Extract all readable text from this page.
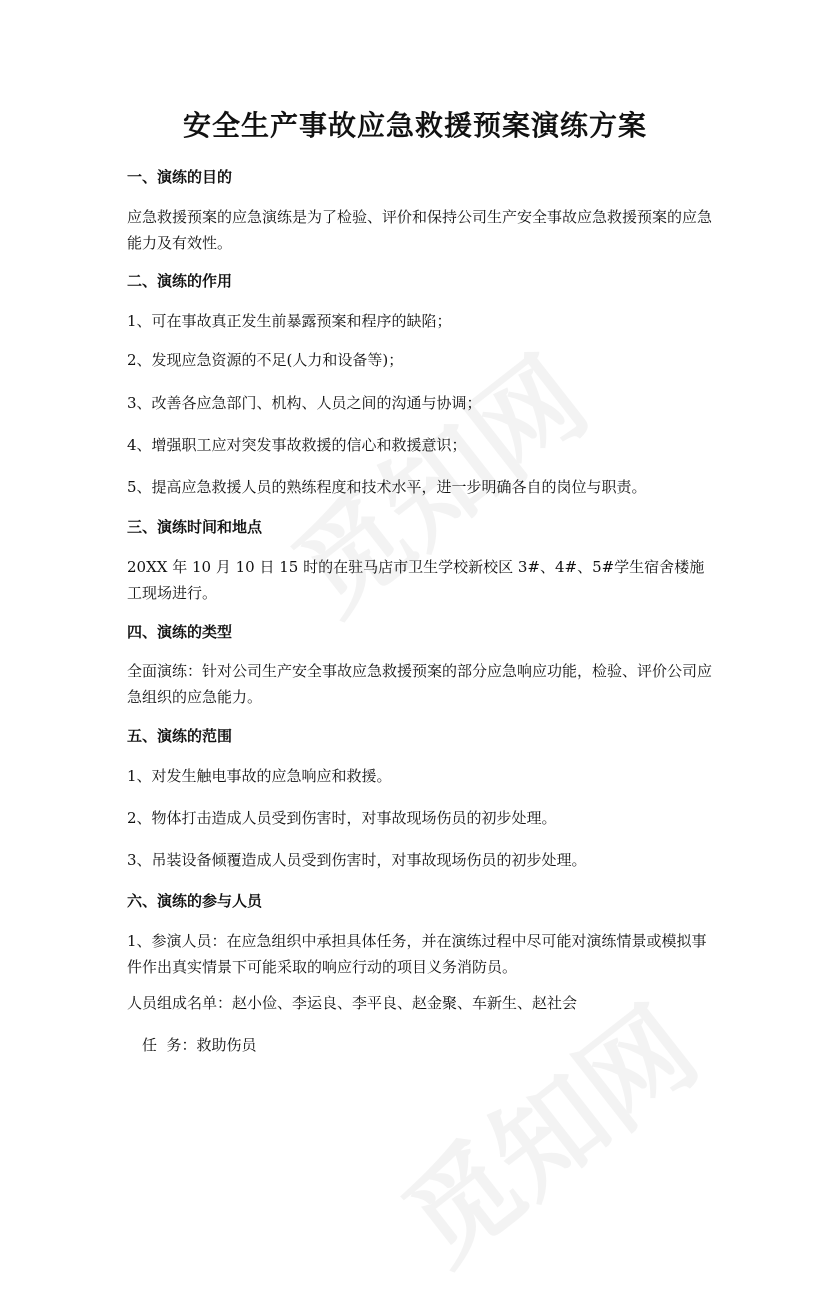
安全生产事故应急救援预案演练方案
一、演练的目的
应急救援预案的应急演练是为了检验、评价和保持公司生产安全事故应急救援预案的应急能力及有效性。
二、演练的作用
1、可在事故真正发生前暴露预案和程序的缺陷；
2、发现应急资源的不足(人力和设备等)；
3、改善各应急部门、机构、人员之间的沟通与协调；
4、增强职工应对突发事故救援的信心和救援意识；
5、提高应急救援人员的熟练程度和技术水平，进一步明确各自的岗位与职责。
三、演练时间和地点
20XX 年 10 月 10 日 15 时的在驻马店市卫生学校新校区 3#、4#、5#学生宿舍楼施工现场进行。
四、演练的类型
全面演练：针对公司生产安全事故应急救援预案的部分应急响应功能，检验、评价公司应急组织的应急能力。
五、演练的范围
1、对发生触电事故的应急响应和救援。
2、物体打击造成人员受到伤害时，对事故现场伤员的初步处理。
3、吊装设备倾覆造成人员受到伤害时，对事故现场伤员的初步处理。
六、演练的参与人员
1、参演人员：在应急组织中承担具体任务，并在演练过程中尽可能对演练情景或模拟事件作出真实情景下可能采取的响应行动的项目义务消防员。
人员组成名单：赵小俭、李运良、李平良、赵金聚、车新生、赵社会
任  务：救助伤员
